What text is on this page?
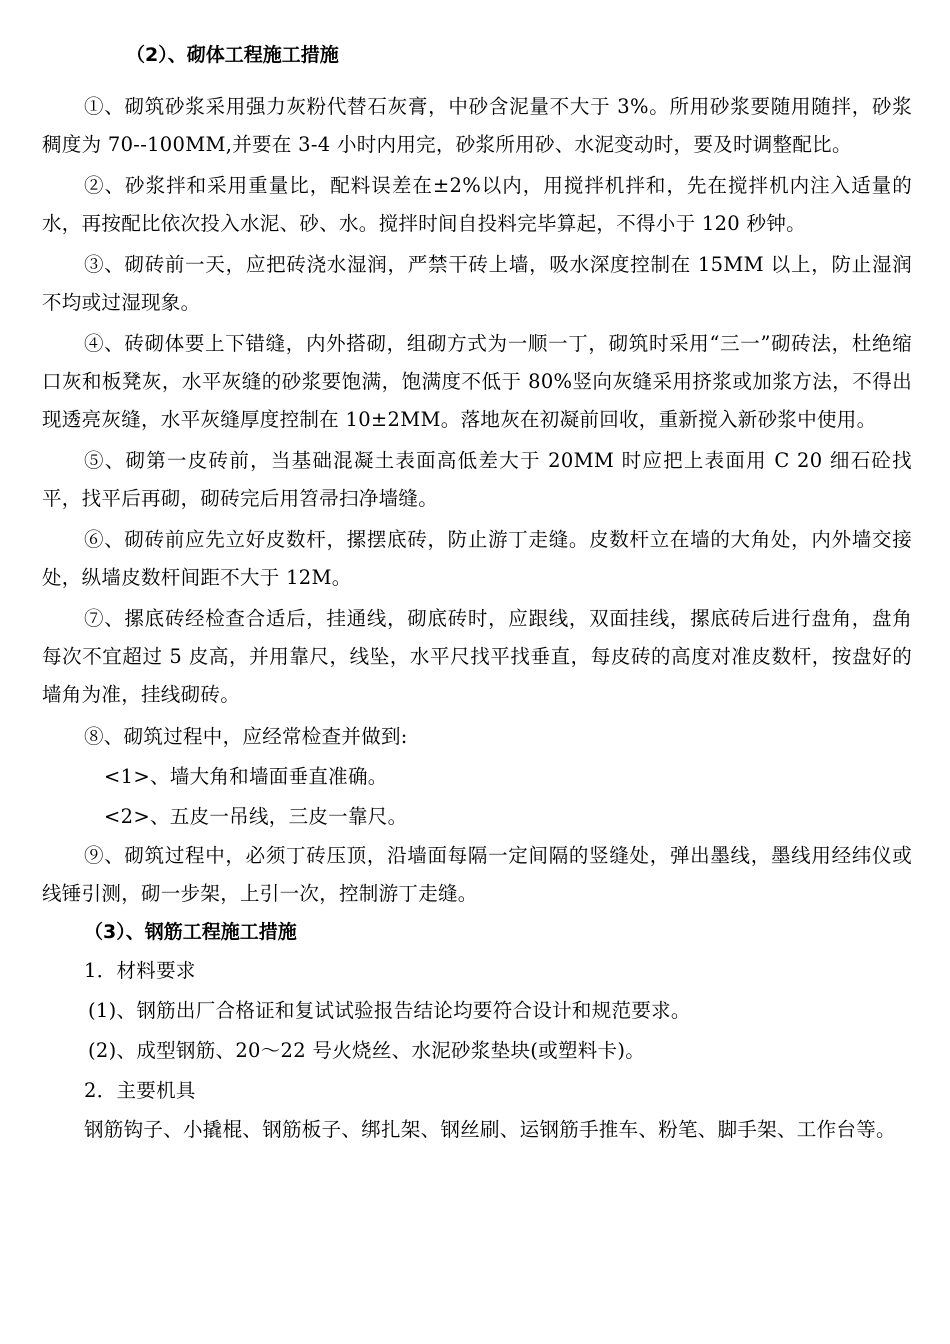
（2）、砌体工程施工措施

①、砌筑砂浆采用强力灰粉代替石灰膏，中砂含泥量不大于 3%。所用砂浆要随用随拌，砂浆稠度为 70--100MM,并要在 3-4 小时内用完，砂浆所用砂、水泥变动时，要及时调整配比。

②、砂浆拌和采用重量比，配料误差在±2%以内，用搅拌机拌和，先在搅拌机内注入适量的水，再按配比依次投入水泥、砂、水。搅拌时间自投料完毕算起，不得小于 120 秒钟。

③、砌砖前一天，应把砖浇水湿润，严禁干砖上墙，吸水深度控制在 15MM 以上，防止湿润不均或过湿现象。

④、砖砌体要上下错缝，内外搭砌，组砌方式为一顺一丁，砌筑时采用“三一”砌砖法，杜绝缩口灰和板凳灰，水平灰缝的砂浆要饱满，饱满度不低于 80%竖向灰缝采用挤浆或加浆方法，不得出现透亮灰缝，水平灰缝厚度控制在 10±2MM。落地灰在初凝前回收，重新搅入新砂浆中使用。

⑤、砌第一皮砖前，当基础混凝土表面高低差大于 20MM 时应把上表面用 C 20 细石砼找平，找平后再砌，砌砖完后用笤帚扫净墙缝。

⑥、砌砖前应先立好皮数杆，摞摆底砖，防止游丁走缝。皮数杆立在墙的大角处，内外墙交接处，纵墙皮数杆间距不大于 12M。

⑦、摞底砖经检查合适后，挂通线，砌底砖时，应跟线，双面挂线，摞底砖后进行盘角，盘角每次不宜超过 5 皮高，并用靠尺，线坠，水平尺找平找垂直，每皮砖的高度对准皮数杆，按盘好的墙角为准，挂线砌砖。

⑧、砌筑过程中，应经常检查并做到:
<1>、墙大角和墙面垂直准确。
<2>、五皮一吊线，三皮一靠尺。

⑨、砌筑过程中，必须丁砖压顶，沿墙面每隔一定间隔的竖缝处，弹出墨线，墨线用经纬仪或线锤引测，砌一步架，上引一次，控制游丁走缝。

（3）、钢筋工程施工措施
1．材料要求
(1)、钢筋出厂合格证和复试试验报告结论均要符合设计和规范要求。
(2)、成型钢筋、20～22 号火烧丝、水泥砂浆垫块(或塑料卡)。
2．主要机具

钢筋钩子、小撬棍、钢筋板子、绑扎架、钢丝刷、运钢筋手推车、粉笔、脚手架、工作台等。
